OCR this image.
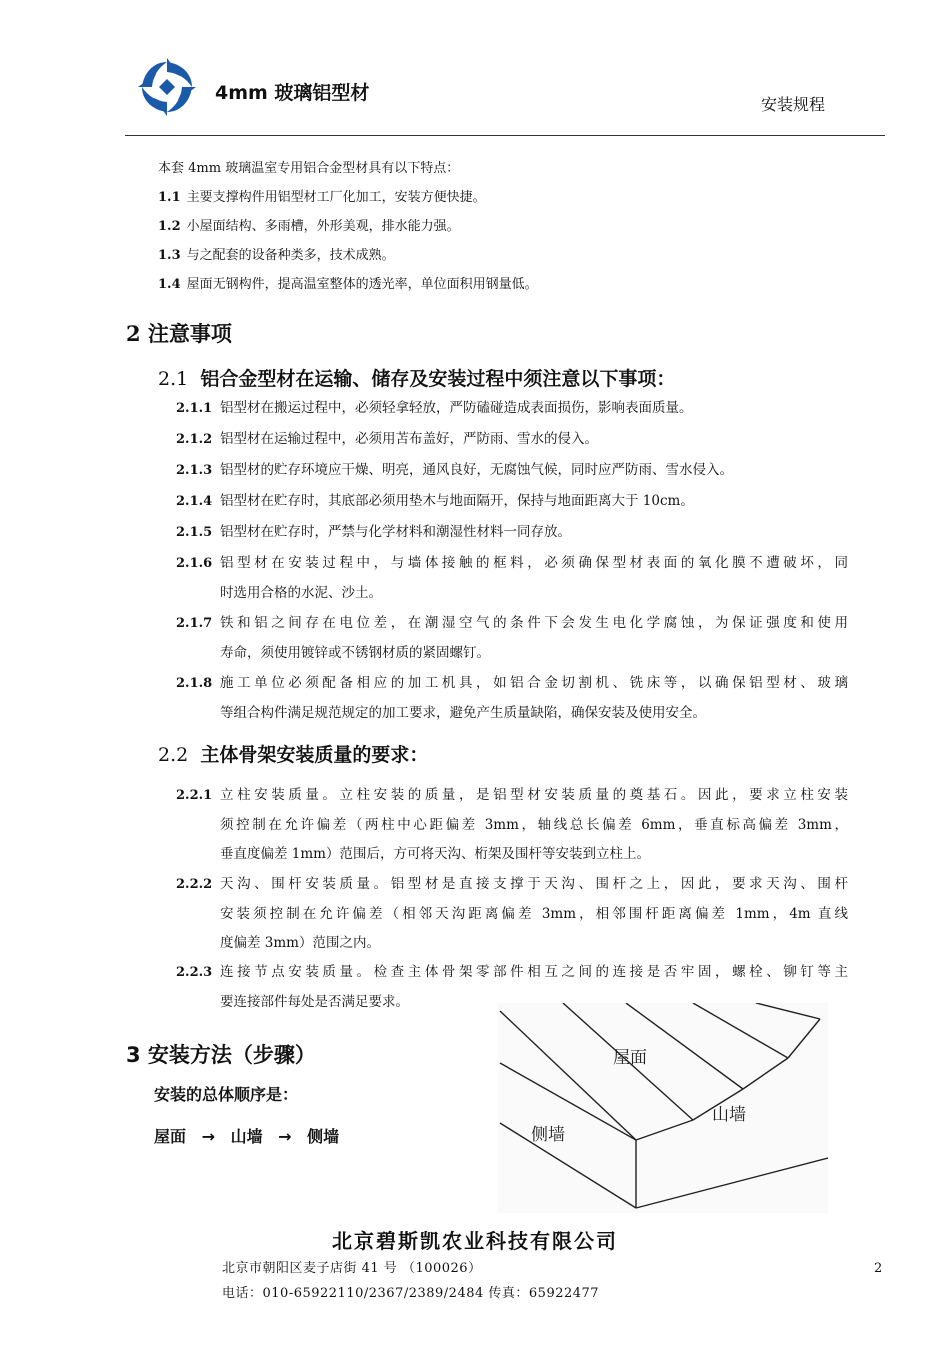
4mm 玻璃铝型材
安装规程
本套 4mm 玻璃温室专用铝合金型材具有以下特点：
1.1 主要支撑构件用铝型材工厂化加工，安装方便快捷。
1.2 小屋面结构、多雨槽，外形美观，排水能力强。
1.3 与之配套的设备种类多，技术成熟。
1.4 屋面无钢构件，提高温室整体的透光率，单位面积用钢量低。
2 注意事项
2.1 铝合金型材在运输、储存及安装过程中须注意以下事项：
2.1.1 铝型材在搬运过程中，必须轻拿轻放，严防磕碰造成表面损伤，影响表面质量。
2.1.2 铝型材在运输过程中，必须用苫布盖好，严防雨、雪水的侵入。
2.1.3 铝型材的贮存环境应干燥、明亮，通风良好，无腐蚀气候，同时应严防雨、雪水侵入。
2.1.4 铝型材在贮存时，其底部必须用垫木与地面隔开，保持与地面距离大于 10cm。
2.1.5 铝型材在贮存时，严禁与化学材料和潮湿性材料一同存放。
2.1.6 铝型材在安装过程中，与墙体接触的框料，必须确保型材表面的氧化膜不遭破坏，同
时选用合格的水泥、沙土。
2.1.7 铁和铝之间存在电位差，在潮湿空气的条件下会发生电化学腐蚀，为保证强度和使用
寿命，须使用镀锌或不锈钢材质的紧固螺钉。
2.1.8 施工单位必须配备相应的加工机具，如铝合金切割机、铣床等，以确保铝型材、玻璃
等组合构件满足规范规定的加工要求，避免产生质量缺陷，确保安装及使用安全。
2.2 主体骨架安装质量的要求：
2.2.1 立柱安装质量。立柱安装的质量，是铝型材安装质量的奠基石。因此，要求立柱安装
须控制在允许偏差（两柱中心距偏差 3mm，轴线总长偏差 6mm，垂直标高偏差 3mm，
垂直度偏差 1mm）范围后，方可将天沟、桁架及围杆等安装到立柱上。
2.2.2 天沟、围杆安装质量。铝型材是直接支撑于天沟、围杆之上，因此，要求天沟、围杆
安装须控制在允许偏差（相邻天沟距离偏差 3mm，相邻围杆距离偏差 1mm，4m 直线
度偏差 3mm）范围之内。
2.2.3 连接节点安装质量。检查主体骨架零部件相互之间的连接是否牢固，螺栓、铆钉等主
要连接部件每处是否满足要求。
3 安装方法（步骤）
安装的总体顺序是：
屋面 → 山墙 → 侧墙
屋面
山墙
侧墙
北京碧斯凯农业科技有限公司
北京市朝阳区麦子店街 41 号 （100026）
电话：010-65922110/2367/2389/2484 传真：65922477
2
